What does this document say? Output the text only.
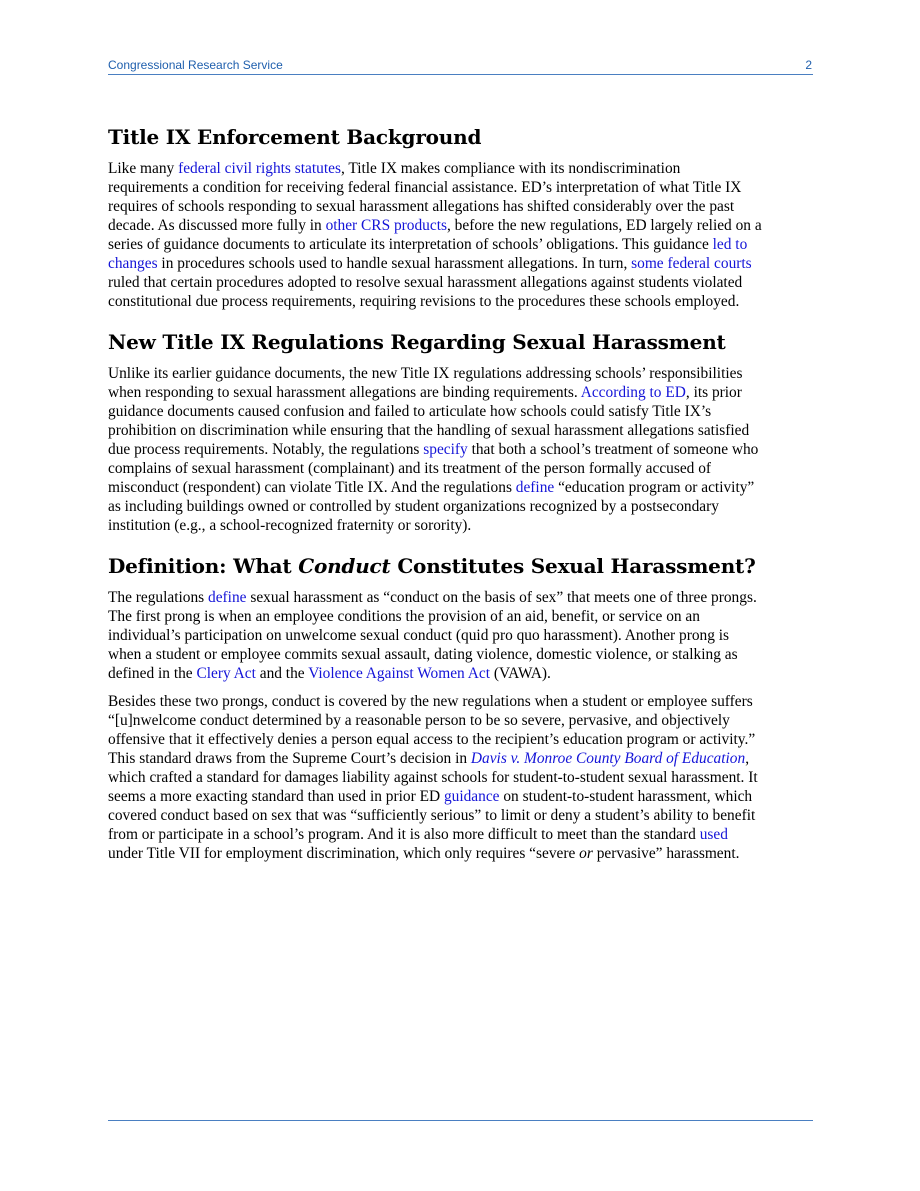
Congressional Research Service	2
Title IX Enforcement Background

Like many federal civil rights statutes, Title IX makes compliance with its nondiscrimination
requirements a condition for receiving federal financial assistance. ED’s interpretation of what Title IX
requires of schools responding to sexual harassment allegations has shifted considerably over the past
decade. As discussed more fully in other CRS products, before the new regulations, ED largely relied on a
series of guidance documents to articulate its interpretation of schools’ obligations. This guidance led to
changes in procedures schools used to handle sexual harassment allegations. In turn, some federal courts
ruled that certain procedures adopted to resolve sexual harassment allegations against students violated
constitutional due process requirements, requiring revisions to the procedures these schools employed.

New Title IX Regulations Regarding Sexual Harassment

Unlike its earlier guidance documents, the new Title IX regulations addressing schools’ responsibilities
when responding to sexual harassment allegations are binding requirements. According to ED, its prior
guidance documents caused confusion and failed to articulate how schools could satisfy Title IX’s
prohibition on discrimination while ensuring that the handling of sexual harassment allegations satisfied
due process requirements. Notably, the regulations specify that both a school’s treatment of someone who
complains of sexual harassment (complainant) and its treatment of the person formally accused of
misconduct (respondent) can violate Title IX. And the regulations define “education program or activity”
as including buildings owned or controlled by student organizations recognized by a postsecondary
institution (e.g., a school-recognized fraternity or sorority).

Definition: What Conduct Constitutes Sexual Harassment?

The regulations define sexual harassment as “conduct on the basis of sex” that meets one of three prongs.
The first prong is when an employee conditions the provision of an aid, benefit, or service on an
individual’s participation on unwelcome sexual conduct (quid pro quo harassment). Another prong is
when a student or employee commits sexual assault, dating violence, domestic violence, or stalking as
defined in the Clery Act and the Violence Against Women Act (VAWA).

Besides these two prongs, conduct is covered by the new regulations when a student or employee suffers
“[u]nwelcome conduct determined by a reasonable person to be so severe, pervasive, and objectively
offensive that it effectively denies a person equal access to the recipient’s education program or activity.”
This standard draws from the Supreme Court’s decision in Davis v. Monroe County Board of Education,
which crafted a standard for damages liability against schools for student-to-student sexual harassment. It
seems a more exacting standard than used in prior ED guidance on student-to-student harassment, which
covered conduct based on sex that was “sufficiently serious” to limit or deny a student’s ability to benefit
from or participate in a school’s program. And it is also more difficult to meet than the standard used
under Title VII for employment discrimination, which only requires “severe or pervasive” harassment.
